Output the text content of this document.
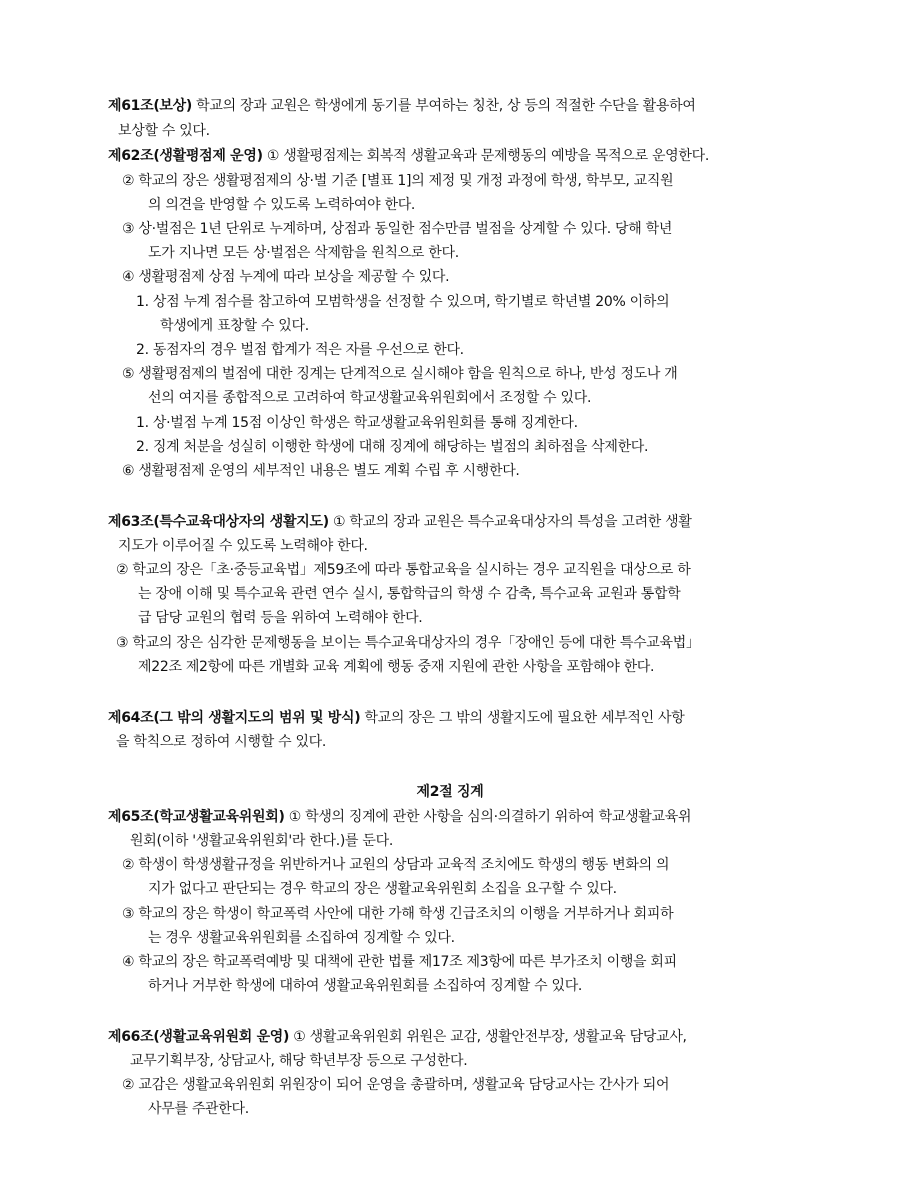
제61조(보상) 학교의 장과 교원은 학생에게 동기를 부여하는 칭찬, 상 등의 적절한 수단을 활용하여
보상할 수 있다.
제62조(생활평점제 운영) ① 생활평점제는 회복적 생활교육과 문제행동의 예방을 목적으로 운영한다.
② 학교의 장은 생활평점제의 상·벌 기준 [별표 1]의 제정 및 개정 과정에 학생, 학부모, 교직원
의 의견을 반영할 수 있도록 노력하여야 한다.
③ 상·벌점은 1년 단위로 누계하며, 상점과 동일한 점수만큼 벌점을 상계할 수 있다. 당해 학년
도가 지나면 모든 상·벌점은 삭제함을 원칙으로 한다.
④ 생활평점제 상점 누계에 따라 보상을 제공할 수 있다.
1. 상점 누계 점수를 참고하여 모범학생을 선정할 수 있으며, 학기별로 학년별 20% 이하의
학생에게 표창할 수 있다.
2. 동점자의 경우 벌점 합계가 적은 자를 우선으로 한다.
⑤ 생활평점제의 벌점에 대한 징계는 단계적으로 실시해야 함을 원칙으로 하나, 반성 정도나 개
선의 여지를 종합적으로 고려하여 학교생활교육위원회에서 조정할 수 있다.
1. 상·벌점 누계 15점 이상인 학생은 학교생활교육위원회를 통해 징계한다.
2. 징계 처분을 성실히 이행한 학생에 대해 징계에 해당하는 벌점의 최하점을 삭제한다.
⑥ 생활평점제 운영의 세부적인 내용은 별도 계획 수립 후 시행한다.
제63조(특수교육대상자의 생활지도) ① 학교의 장과 교원은 특수교육대상자의 특성을 고려한 생활
지도가 이루어질 수 있도록 노력해야 한다.
② 학교의 장은「초·중등교육법」제59조에 따라 통합교육을 실시하는 경우 교직원을 대상으로 하
는 장애 이해 및 특수교육 관련 연수 실시, 통합학급의 학생 수 감축, 특수교육 교원과 통합학
급 담당 교원의 협력 등을 위하여 노력해야 한다.
③ 학교의 장은 심각한 문제행동을 보이는 특수교육대상자의 경우「장애인 등에 대한 특수교육법」
제22조 제2항에 따른 개별화 교육 계획에 행동 중재 지원에 관한 사항을 포함해야 한다.
제64조(그 밖의 생활지도의 범위 및 방식) 학교의 장은 그 밖의 생활지도에 필요한 세부적인 사항
을 학칙으로 정하여 시행할 수 있다.
제2절 징계
제65조(학교생활교육위원회) ① 학생의 징계에 관한 사항을 심의·의결하기 위하여 학교생활교육위
원회(이하 '생활교육위원회'라 한다.)를 둔다.
② 학생이 학생생활규정을 위반하거나 교원의 상담과 교육적 조치에도 학생의 행동 변화의 의
지가 없다고 판단되는 경우 학교의 장은 생활교육위원회 소집을 요구할 수 있다.
③ 학교의 장은 학생이 학교폭력 사안에 대한 가해 학생 긴급조치의 이행을 거부하거나 회피하
는 경우 생활교육위원회를 소집하여 징계할 수 있다.
④ 학교의 장은 학교폭력예방 및 대책에 관한 법률 제17조 제3항에 따른 부가조치 이행을 회피
하거나 거부한 학생에 대하여 생활교육위원회를 소집하여 징계할 수 있다.
제66조(생활교육위원회 운영) ① 생활교육위원회 위원은 교감, 생활안전부장, 생활교육 담당교사,
교무기획부장, 상담교사, 해당 학년부장 등으로 구성한다.
② 교감은 생활교육위원회 위원장이 되어 운영을 총괄하며, 생활교육 담당교사는 간사가 되어
사무를 주관한다.
